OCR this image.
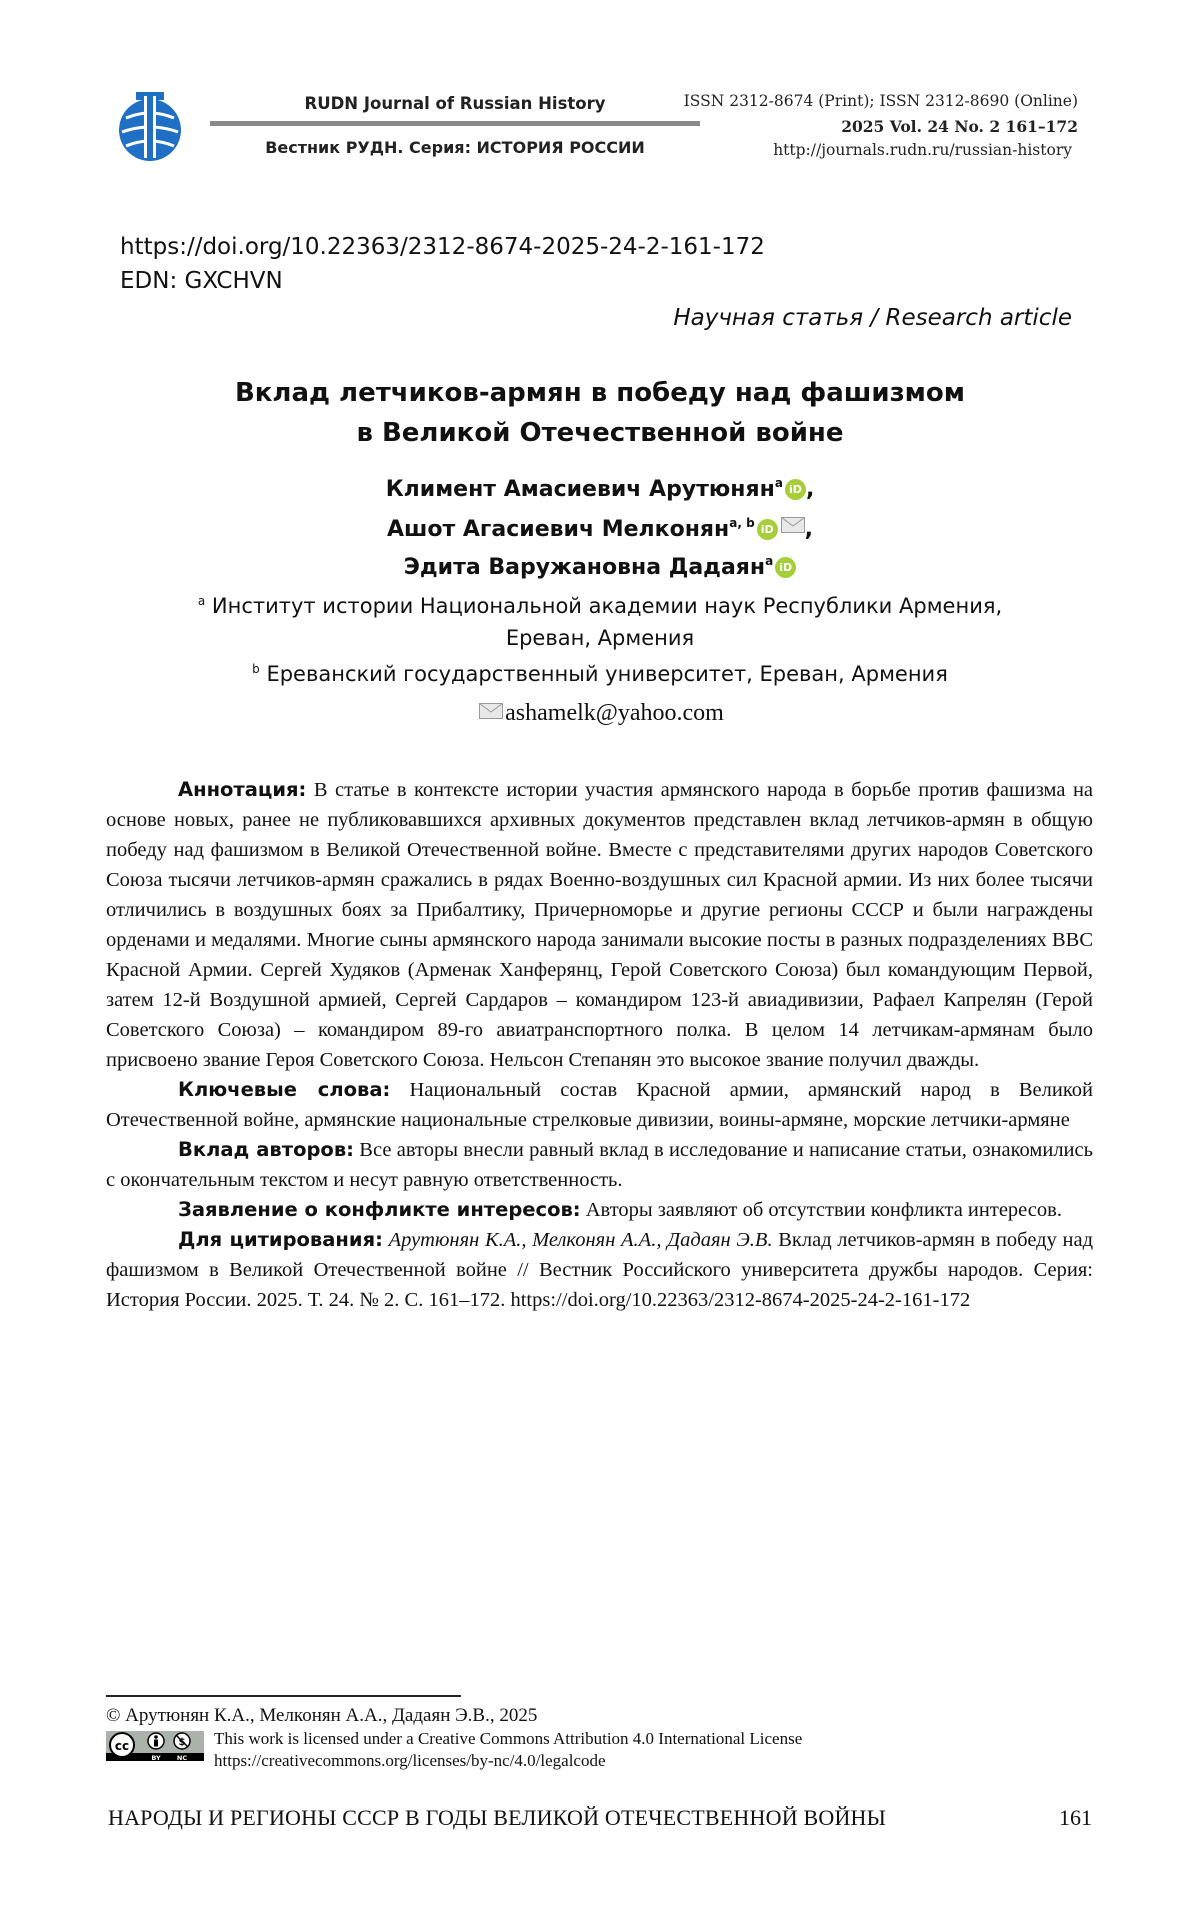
RUDN Journal of Russian History
Вестник РУДН. Серия: ИСТОРИЯ РОССИИ
ISSN 2312-8674 (Print); ISSN 2312-8690 (Online)
2025 Vol. 24 No. 2 161–172
http://journals.rudn.ru/russian-history
https://doi.org/10.22363/2312-8674-2025-24-2-161-172
EDN: GXCHVN
Научная статья / Research article
Вклад летчиков-армян в победу над фашизмом
в Великой Отечественной войне
Климент Амасиевич Арутюнянa iD ,
Ашот Агасиевич Мелконянa, b iD ,
Эдита Варужановна Дадаянa iD
a Институт истории Национальной академии наук Республики Армения,
Ереван, Армения
b Ереванский государственный университет, Ереван, Армения
ashamelk@yahoo.com

Аннотация: В статье в контексте истории участия армянского народа в борьбе против фашизма на основе новых, ранее не публиковавшихся архивных документов представлен вклад летчиков-армян в общую победу над фашизмом в Великой Отечественной войне. Вместе с представителями других народов Советского Союза тысячи летчиков-армян сражались в рядах Военно-воздушных сил Красной армии. Из них более тысячи отличились в воздушных боях за Прибалтику, Причерноморье и другие регионы СССР и были награждены орденами и медалями. Многие сыны армянского народа занимали высокие посты в разных подразделениях ВВС Красной Армии. Сергей Худяков (Арменак Ханферянц, Герой Советского Союза) был командующим Первой, затем 12-й Воздушной армией, Сергей Сардаров – командиром 123-й авиадивизии, Рафаел Капрелян (Герой Советского Союза) – командиром 89-го авиатранспортного полка. В целом 14 летчикам-армянам было присвоено звание Героя Советского Союза. Нельсон Степанян это высокое звание получил дважды.

Ключевые слова: Национальный состав Красной армии, армянский народ в Великой Отечественной войне, армянские национальные стрелковые дивизии, воины-армяне, морские летчики-армяне

Вклад авторов: Все авторы внесли равный вклад в исследование и написание статьи, ознакомились с окончательным текстом и несут равную ответственность.

Заявление о конфликте интересов: Авторы заявляют об отсутствии конфликта интересов.

Для цитирования: Арутюнян К.А., Мелконян А.А., Дадаян Э.В. Вклад летчиков-армян в победу над фашизмом в Великой Отечественной войне // Вестник Российского университета дружбы народов. Серия: История России. 2025. Т. 24. № 2. С. 161–172. https://doi.org/10.22363/2312-8674-2025-24-2-161-172

© Арутюнян К.А., Мелконян А.А., Дадаян Э.В., 2025
cc	$
BY NC
This work is licensed under a Creative Commons Attribution 4.0 International License
https://creativecommons.org/licenses/by-nc/4.0/legalcode
НАРОДЫ И РЕГИОНЫ СССР В ГОДЫ ВЕЛИКОЙ ОТЕЧЕСТВЕННОЙ ВОЙНЫ	161
